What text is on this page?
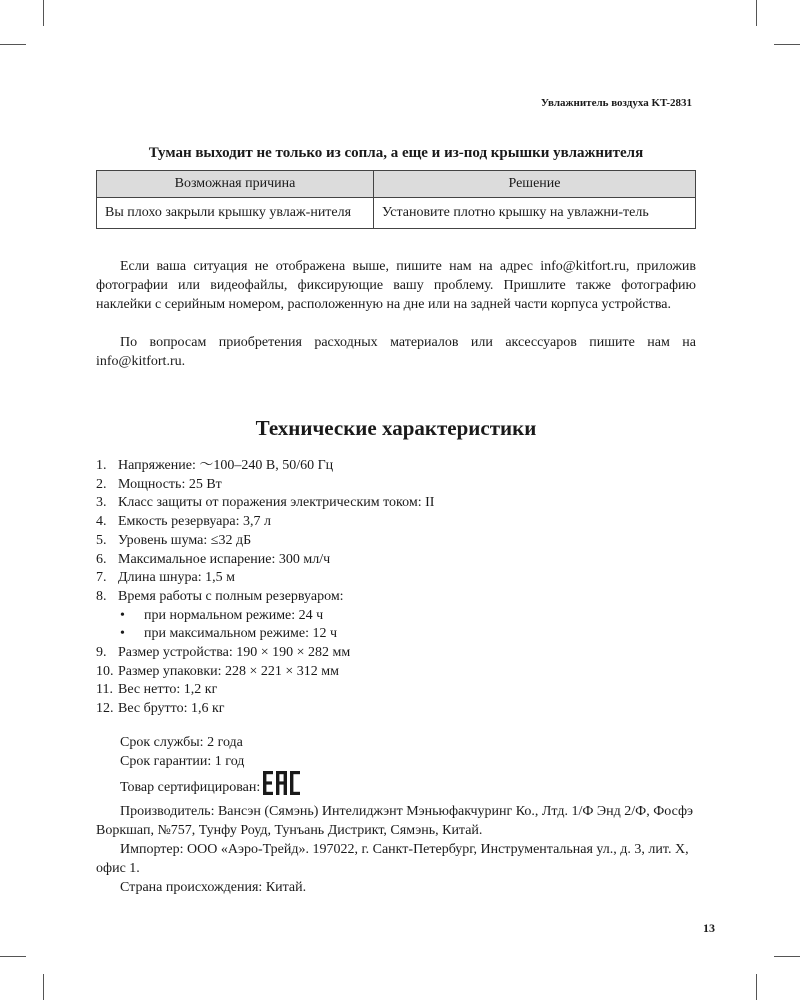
Увлажнитель воздуха KT-2831
Туман выходит не только из сопла, а еще и из-под крышки увлажнителя
Возможная причина	Решение
Вы плохо закрыли крышку увлаж-нителя	Установите плотно крышку на увлажни-тель
Если ваша ситуация не отображена выше, пишите нам на адрес info@kitfort.ru, приложив фотографии или видеофайлы, фиксирующие вашу проблему. Пришлите также фотографию наклейки с серийным номером, расположенную на дне или на задней части корпуса устройства.
По вопросам приобретения расходных материалов или аксессуаров пишите нам на info@kitfort.ru.
Технические характеристики
1. Напряжение: ～100–240 В, 50/60 Гц
2. Мощность: 25 Вт
3. Класс защиты от поражения электрическим током: II
4. Емкость резервуара: 3,7 л
5. Уровень шума: ≤32 дБ
6. Максимальное испарение: 300 мл/ч
7. Длина шнура: 1,5 м
8. Время работы с полным резервуаром:
• при нормальном режиме: 24 ч
• при максимальном режиме: 12 ч
9. Размер устройства: 190 × 190 × 282 мм
10. Размер упаковки: 228 × 221 × 312 мм
11. Вес нетто: 1,2 кг
12. Вес брутто: 1,6 кг
Срок службы: 2 года
Срок гарантии: 1 год
Товар сертифицирован:
Производитель: Вансэн (Сямэнь) Интелиджэнт Мэньюфакчуринг Ко., Лтд. 1/Ф Энд 2/Ф, Фосфэ Воркшап, №757, Тунфу Роуд, Тунъань Дистрикт, Сямэнь, Китай.
Импортер: ООО «Аэро-Трейд». 197022, г. Санкт-Петербург, Инструментальная ул., д. 3, лит. Х, офис 1.
Страна происхождения: Китай.
13
